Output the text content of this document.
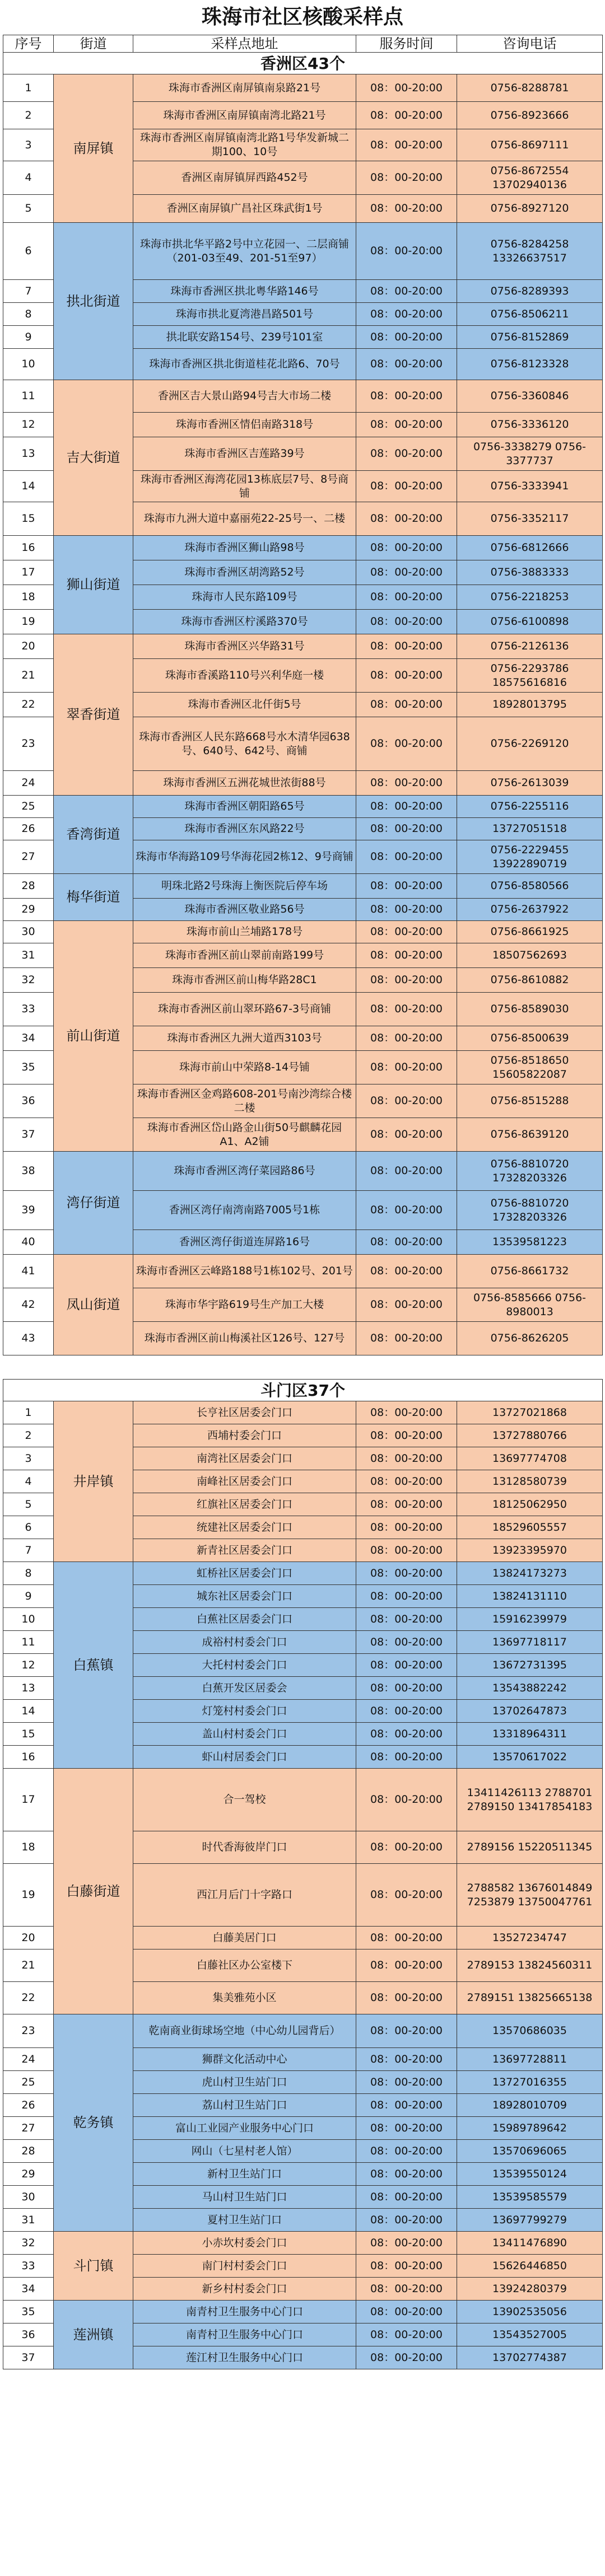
珠海市社区核酸采样点
序号	街道	采样点地址	服务时间	咨询电话
香洲区43个				
1	南屏镇	珠海市香洲区南屏镇南泉路21号	08：00-20:00	0756-8288781
2		珠海市香洲区南屏镇南湾北路21号	08：00-20:00	0756-8923666
3		珠海市香洲区南屏镇南湾北路1号华发新城二期100、10号	08：00-20:00	0756-8697111
4		香洲区南屏镇屏西路452号	08：00-20:00	0756-8672554 13702940136
5		香洲区南屏镇广昌社区珠武街1号	08：00-20:00	0756-8927120
6	拱北街道	珠海市拱北华平路2号中立花园一、二层商铺（201-03至49、201-51至97）	08：00-20:00	0756-8284258 13326637517
7		珠海市香洲区拱北粤华路146号	08：00-20:00	0756-8289393
8		珠海市拱北夏湾港昌路501号	08：00-20:00	0756-8506211
9		拱北联安路154号、239号101室	08：00-20:00	0756-8152869
10		珠海市香洲区拱北街道桂花北路6、70号	08：00-20:00	0756-8123328
11	吉大街道	香洲区吉大景山路94号吉大市场二楼	08：00-20:00	0756-3360846
12		珠海市香洲区情侣南路318号	08：00-20:00	0756-3336120
13		珠海市香洲区吉莲路39号	08：00-20:00	0756-3338279 0756-3377737
14		珠海市香洲区海湾花园13栋底层7号、8号商铺	08：00-20:00	0756-3333941
15		珠海市九洲大道中嘉丽苑22-25号一、二楼	08：00-20:00	0756-3352117
16	狮山街道	珠海市香洲区狮山路98号	08：00-20:00	0756-6812666
17		珠海市香洲区胡湾路52号	08：00-20:00	0756-3883333
18		珠海市人民东路109号	08：00-20:00	0756-2218253
19		珠海市香洲区柠溪路370号	08：00-20:00	0756-6100898
20	翠香街道	珠海市香洲区兴华路31号	08：00-20:00	0756-2126136
21		珠海市香溪路110号兴利华庭一楼	08：00-20:00	0756-2293786 18575616816
22		珠海市香洲区北仟街5号	08：00-20:00	18928013795
23		珠海市香洲区人民东路668号水木清华园638号、640号、642号、商铺	08：00-20:00	0756-2269120
24		珠海市香洲区五洲花城世浓街88号	08：00-20:00	0756-2613039
25	香湾街道	珠海市香洲区朝阳路65号	08：00-20:00	0756-2255116
26		珠海市香洲区东风路22号	08：00-20:00	13727051518
27		珠海市华海路109号华海花园2栋12、9号商铺	08：00-20:00	0756-2229455 13922890719
28	梅华街道	明珠北路2号珠海上衡医院后停车场	08：00-20:00	0756-8580566
29		珠海市香洲区敬业路56号	08：00-20:00	0756-2637922
30	前山街道	珠海市前山兰埔路178号	08：00-20:00	0756-8661925
31		珠海市香洲区前山翠前南路199号	08：00-20:00	18507562693
32		珠海市香洲区前山梅华路28C1	08：00-20:00	0756-8610882
33		珠海市香洲区前山翠环路67-3号商铺	08：00-20:00	0756-8589030
34		珠海市香洲区九洲大道西3103号	08：00-20:00	0756-8500639
35		珠海市前山中荣路8-14号铺	08：00-20:00	0756-8518650 15605822087
36		珠海市香洲区金鸡路608-201号南沙湾综合楼二楼	08：00-20:00	0756-8515288
37		珠海市香洲区岱山路金山街50号麒麟花园A1、A2铺	08：00-20:00	0756-8639120
38	湾仔街道	珠海市香洲区湾仔菜园路86号	08：00-20:00	0756-8810720 17328203326
39		香洲区湾仔南湾南路7005号1栋	08：00-20:00	0756-8810720 17328203326
40		香洲区湾仔街道连屏路16号	08：00-20:00	13539581223
41	凤山街道	珠海市香洲区云峰路188号1栋102号、201号	08：00-20:00	0756-8661732
42		珠海市华宇路619号生产加工大楼	08：00-20:00	0756-8585666 0756-8980013
43		珠海市香洲区前山梅溪社区126号、127号	08：00-20:00	0756-8626205

斗门区37个				
1	井岸镇	长亨社区居委会门口	08：00-20:00	13727021868
2		西埔村委会门口	08：00-20:00	13727880766
3		南湾社区居委会门口	08：00-20:00	13697774708
4		南峰社区居委会门口	08：00-20:00	13128580739
5		红旗社区居委会门口	08：00-20:00	18125062950
6		统建社区居委会门口	08：00-20:00	18529605557
7		新青社区居委会门口	08：00-20:00	13923395970
8	白蕉镇	虹桥社区居委会门口	08：00-20:00	13824173273
9		城东社区居委会门口	08：00-20:00	13824131110
10		白蕉社区居委会门口	08：00-20:00	15916239979
11		成裕村村委会门口	08：00-20:00	13697718117
12		大托村村委会门口	08：00-20:00	13672731395
13		白蕉开发区居委会	08：00-20:00	13543882242
14		灯笼村村委会门口	08：00-20:00	13702647873
15		盖山村村委会门口	08：00-20:00	13318964311
16		虾山村居委会门口	08：00-20:00	13570617022
17	白藤街道	合一驾校	08：00-20:00	13411426113 2788701 2789150 13417854183
18		时代香海彼岸门口	08：00-20:00	2789156 15220511345
19		西江月后门十字路口	08：00-20:00	2788582 13676014849 7253879 13750047761
20		白藤美居门口	08：00-20:00	13527234747
21		白藤社区办公室楼下	08：00-20:00	2789153 13824560311
22		集美雅苑小区	08：00-20:00	2789151 13825665138
23	乾务镇	乾南商业街球场空地（中心幼儿园背后）	08：00-20:00	13570686035
24		狮群文化活动中心	08：00-20:00	13697728811
25		虎山村卫生站门口	08：00-20:00	13727016355
26		荔山村卫生站门口	08：00-20:00	18928010709
27		富山工业园产业服务中心门口	08：00-20:00	15989789642
28		网山（七星村老人馆）	08：00-20:00	13570696065
29		新村卫生站门口	08：00-20:00	13539550124
30		马山村卫生站门口	08：00-20:00	13539585579
31		夏村卫生站门口	08：00-20:00	13697799279
32	斗门镇	小赤坎村委会门口	08：00-20:00	13411476890
33		南门村村委会门口	08：00-20:00	15626446850
34		新乡村村委会门口	08：00-20:00	13924280379
35	莲洲镇	南青村卫生服务中心门口	08：00-20:00	13902535056
36		南青村卫生服务中心门口	08：00-20:00	13543527005
37		莲江村卫生服务中心门口	08：00-20:00	13702774387
